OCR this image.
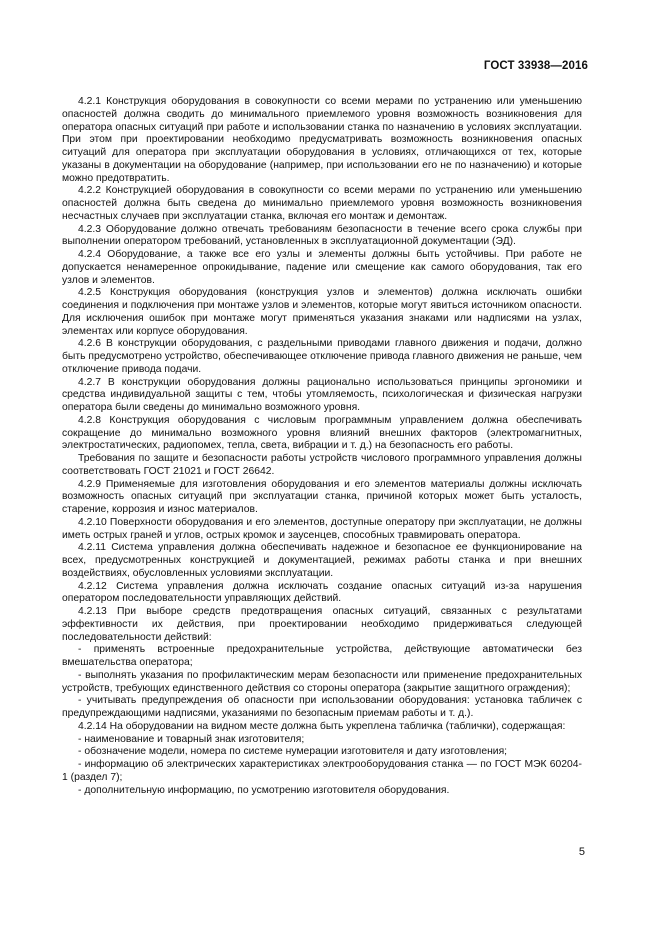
ГОСТ 33938—2016

4.2.1 Конструкция оборудования в совокупности со всеми мерами по устранению или уменьшению опасностей должна сводить до минимального приемлемого уровня возможность возникновения для оператора опасных ситуаций при работе и использовании станка по назначению в условиях эксплуатации. При этом при проектировании необходимо предусматривать возможность возникновения опасных ситуаций для оператора при эксплуатации оборудования в условиях, отличающихся от тех, которые указаны в документации на оборудование (например, при использовании его не по назначению) и которые можно предотвратить.

4.2.2 Конструкцией оборудования в совокупности со всеми мерами по устранению или уменьшению опасностей должна быть сведена до минимально приемлемого уровня возможность возникновения несчастных случаев при эксплуатации станка, включая его монтаж и демонтаж.

4.2.3 Оборудование должно отвечать требованиям безопасности в течение всего срока службы при выполнении оператором требований, установленных в эксплуатационной документации (ЭД).

4.2.4 Оборудование, а также все его узлы и элементы должны быть устойчивы. При работе не допускается ненамеренное опрокидывание, падение или смещение как самого оборудования, так его узлов и элементов.

4.2.5 Конструкция оборудования (конструкция узлов и элементов) должна исключать ошибки соединения и подключения при монтаже узлов и элементов, которые могут явиться источником опасности. Для исключения ошибок при монтаже могут применяться указания знаками или надписями на узлах, элементах или корпусе оборудования.

4.2.6 В конструкции оборудования, с раздельными приводами главного движения и подачи, должно быть предусмотрено устройство, обеспечивающее отключение привода главного движения не раньше, чем отключение привода подачи.

4.2.7 В конструкции оборудования должны рационально использоваться принципы эргономики и средства индивидуальной защиты с тем, чтобы утомляемость, психологическая и физическая нагрузки оператора были сведены до минимально возможного уровня.

4.2.8 Конструкция оборудования с числовым программным управлением должна обеспечивать сокращение до минимально возможного уровня влияний внешних факторов (электромагнитных, электростатических, радиопомех, тепла, света, вибрации и т. д.) на безопасность его работы.

Требования по защите и безопасности работы устройств числового программного управления должны соответствовать ГОСТ 21021 и ГОСТ 26642.

4.2.9 Применяемые для изготовления оборудования и его элементов материалы должны исключать возможность опасных ситуаций при эксплуатации станка, причиной которых может быть усталость, старение, коррозия и износ материалов.

4.2.10 Поверхности оборудования и его элементов, доступные оператору при эксплуатации, не должны иметь острых граней и углов, острых кромок и заусенцев, способных травмировать оператора.

4.2.11 Система управления должна обеспечивать надежное и безопасное ее функционирование на всех, предусмотренных конструкцией и документацией, режимах работы станка и при внешних воздействиях, обусловленных условиями эксплуатации.

4.2.12 Система управления должна исключать создание опасных ситуаций из-за нарушения оператором последовательности управляющих действий.

4.2.13 При выборе средств предотвращения опасных ситуаций, связанных с результатами эффективности их действия, при проектировании необходимо придерживаться следующей последовательности действий:

- применять встроенные предохранительные устройства, действующие автоматически без вмешательства оператора;

- выполнять указания по профилактическим мерам безопасности или применение предохранительных устройств, требующих единственного действия со стороны оператора (закрытие защитного ограждения);

- учитывать предупреждения об опасности при использовании оборудования: установка табличек с предупреждающими надписями, указаниями по безопасным приемам работы и т. д.).

4.2.14 На оборудовании на видном месте должна быть укреплена табличка (таблички), содержащая:

- наименование и товарный знак изготовителя;

- обозначение модели, номера по системе нумерации изготовителя и дату изготовления;

- информацию об электрических характеристиках электрооборудования станка — по ГОСТ МЭК 60204-1 (раздел 7);

- дополнительную информацию, по усмотрению изготовителя оборудования.

5
